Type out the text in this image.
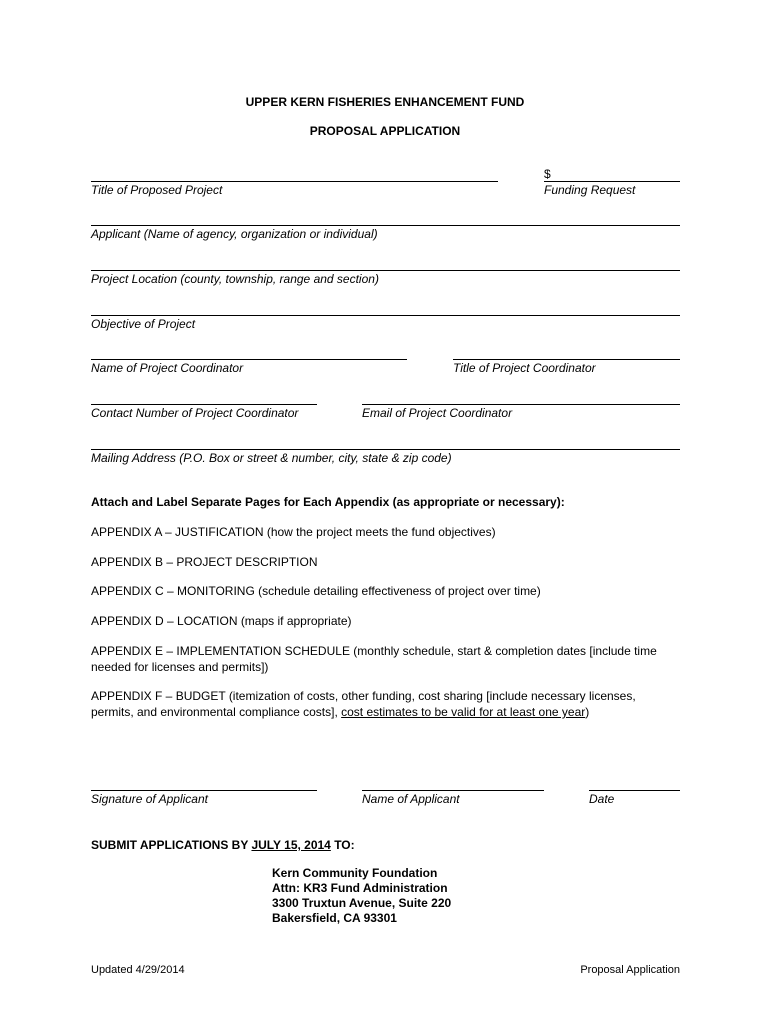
UPPER KERN FISHERIES ENHANCEMENT FUND
PROPOSAL APPLICATION
$
Title of Proposed Project	Funding Request
Applicant (Name of agency, organization or individual)
Project Location (county, township, range and section)
Objective of Project
Name of Project Coordinator	Title of Project Coordinator
Contact Number of Project Coordinator	Email of Project Coordinator
Mailing Address (P.O. Box or street & number, city, state & zip code)
Attach and Label Separate Pages for Each Appendix (as appropriate or necessary):
APPENDIX A – JUSTIFICATION (how the project meets the fund objectives)
APPENDIX B – PROJECT DESCRIPTION
APPENDIX C – MONITORING (schedule detailing effectiveness of project over time)
APPENDIX D – LOCATION (maps if appropriate)
APPENDIX E – IMPLEMENTATION SCHEDULE (monthly schedule, start & completion dates [include time needed for licenses and permits])
APPENDIX F – BUDGET (itemization of costs, other funding, cost sharing [include necessary licenses, permits, and environmental compliance costs], cost estimates to be valid for at least one year)
Signature of Applicant	Name of Applicant	Date
SUBMIT APPLICATIONS BY JULY 15, 2014 TO:
Kern Community Foundation
Attn: KR3 Fund Administration
3300 Truxtun Avenue, Suite 220
Bakersfield, CA 93301
Updated 4/29/2014	Proposal Application
